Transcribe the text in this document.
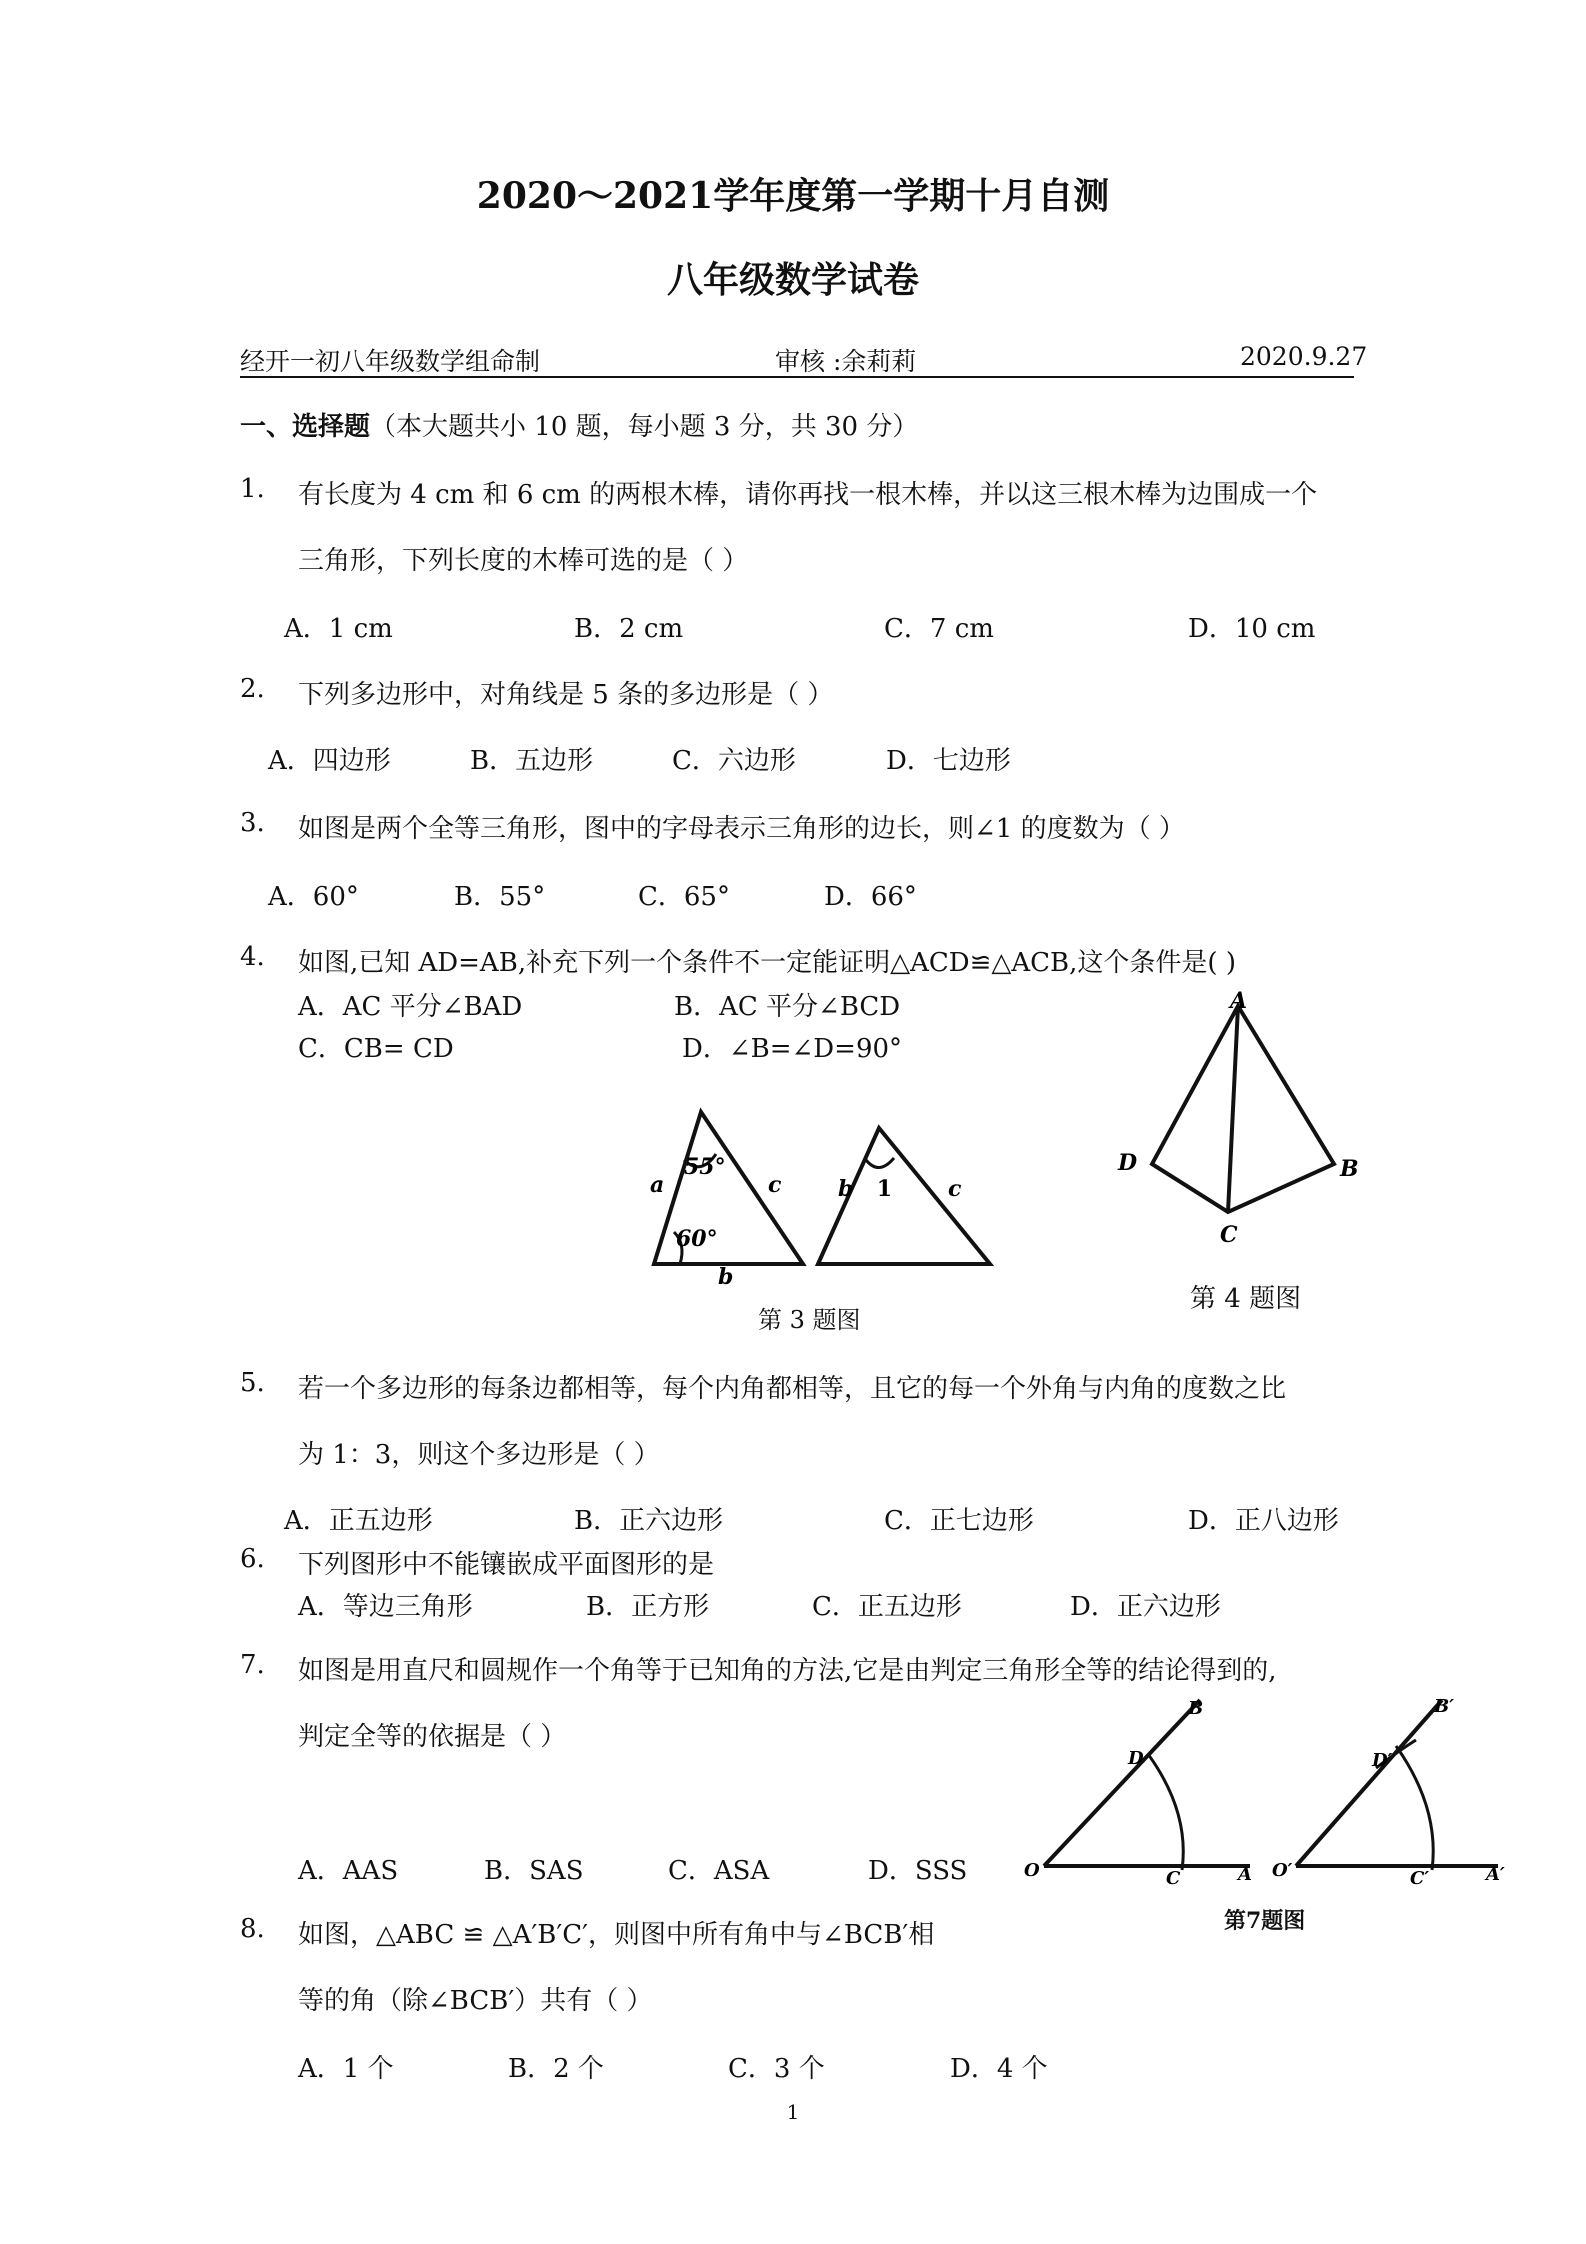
2020～2021学年度第一学期十月自测
八年级数学试卷
经开一初八年级数学组命制	审核 :余莉莉	2020.9.27
一、选择题（本大题共小 10 题，每小题 3 分，共 30 分）
1. 有长度为 4 cm 和 6 cm 的两根木棒，请你再找一根木棒，并以这三根木棒为边围成一个
三角形，下列长度的木棒可选的是（ ）
A．1 cm	B．2 cm	C．7 cm	D．10 cm
2. 下列多边形中，对角线是 5 条的多边形是（ ）
A．四边形	B．五边形	C．六边形	D．七边形
3. 如图是两个全等三角形，图中的字母表示三角形的边长，则∠1 的度数为（ ）
A．60°	B．55°	C．65°	D．66°
4. 如图,已知 AD=AB,补充下列一个条件不一定能证明△ACD≌△ACB,这个条件是( )
A．AC 平分∠BAD	B．AC 平分∠BCD
C．CB= CD	D．∠B=∠D=90°
55°
60°
a	c
b
1
b	c
第 3 题图
A
D	B
C
第 4 题图
5. 若一个多边形的每条边都相等，每个内角都相等，且它的每一个外角与内角的度数之比
为 1：3，则这个多边形是（ ）
A．正五边形	B．正六边形	C．正七边形	D．正八边形
6. 下列图形中不能镶嵌成平面图形的是
A．等边三角形	B．正方形	C．正五边形	D．正六边形
7. 如图是用直尺和圆规作一个角等于已知角的方法,它是由判定三角形全等的结论得到的,
判定全等的依据是（ ）
A．AAS	B．SAS	C．ASA	D．SSS	O	A
B
C
D
O′	A′
B′
C′
D′
第7题图
8. 如图，△ABC ≌ △A′B′C′，则图中所有角中与∠BCB′相
等的角（除∠BCB′）共有（ ）
A．1 个	B．2 个	C．3 个	D．4 个
1
